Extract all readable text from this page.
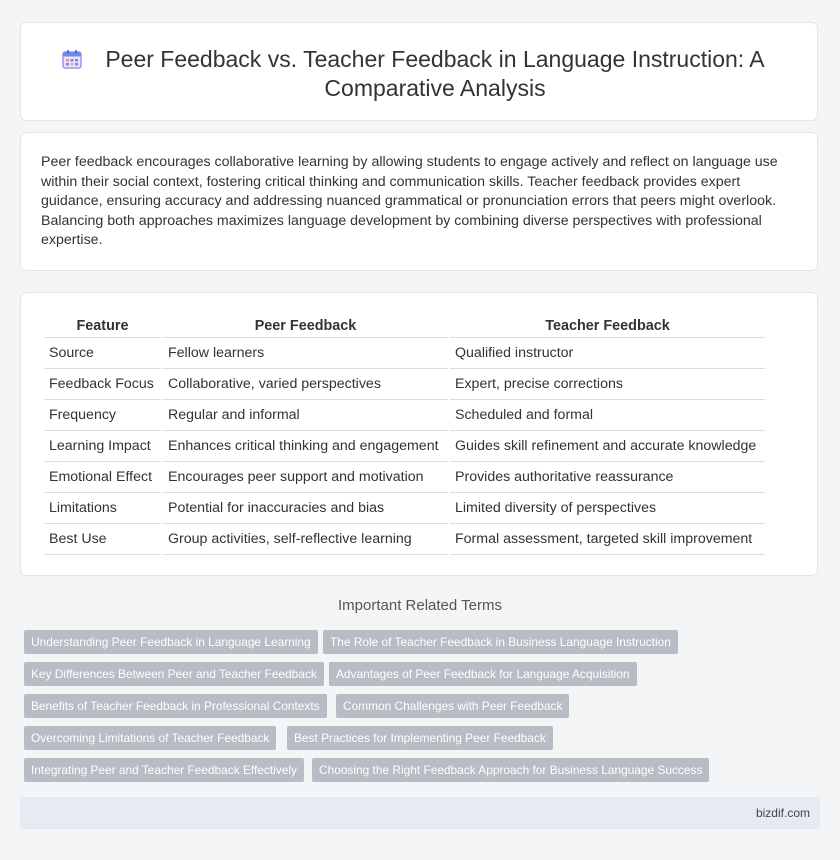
Peer Feedback vs. Teacher Feedback in Language Instruction: A Comparative Analysis
Peer feedback encourages collaborative learning by allowing students to engage actively and reflect on language use within their social context, fostering critical thinking and communication skills. Teacher feedback provides expert guidance, ensuring accuracy and addressing nuanced grammatical or pronunciation errors that peers might overlook. Balancing both approaches maximizes language development by combining diverse perspectives with professional expertise.
Feature	Peer Feedback	Teacher Feedback
Source	Fellow learners	Qualified instructor
Feedback Focus	Collaborative, varied perspectives	Expert, precise corrections
Frequency	Regular and informal	Scheduled and formal
Learning Impact	Enhances critical thinking and engagement	Guides skill refinement and accurate knowledge
Emotional Effect	Encourages peer support and motivation	Provides authoritative reassurance
Limitations	Potential for inaccuracies and bias	Limited diversity of perspectives
Best Use	Group activities, self-reflective learning	Formal assessment, targeted skill improvement
Important Related Terms
Understanding Peer Feedback in Language Learning	The Role of Teacher Feedback in Business Language Instruction
Key Differences Between Peer and Teacher Feedback	Advantages of Peer Feedback for Language Acquisition
Benefits of Teacher Feedback in Professional Contexts	Common Challenges with Peer Feedback
Overcoming Limitations of Teacher Feedback	Best Practices for Implementing Peer Feedback
Integrating Peer and Teacher Feedback Effectively	Choosing the Right Feedback Approach for Business Language Success
bizdif.com
